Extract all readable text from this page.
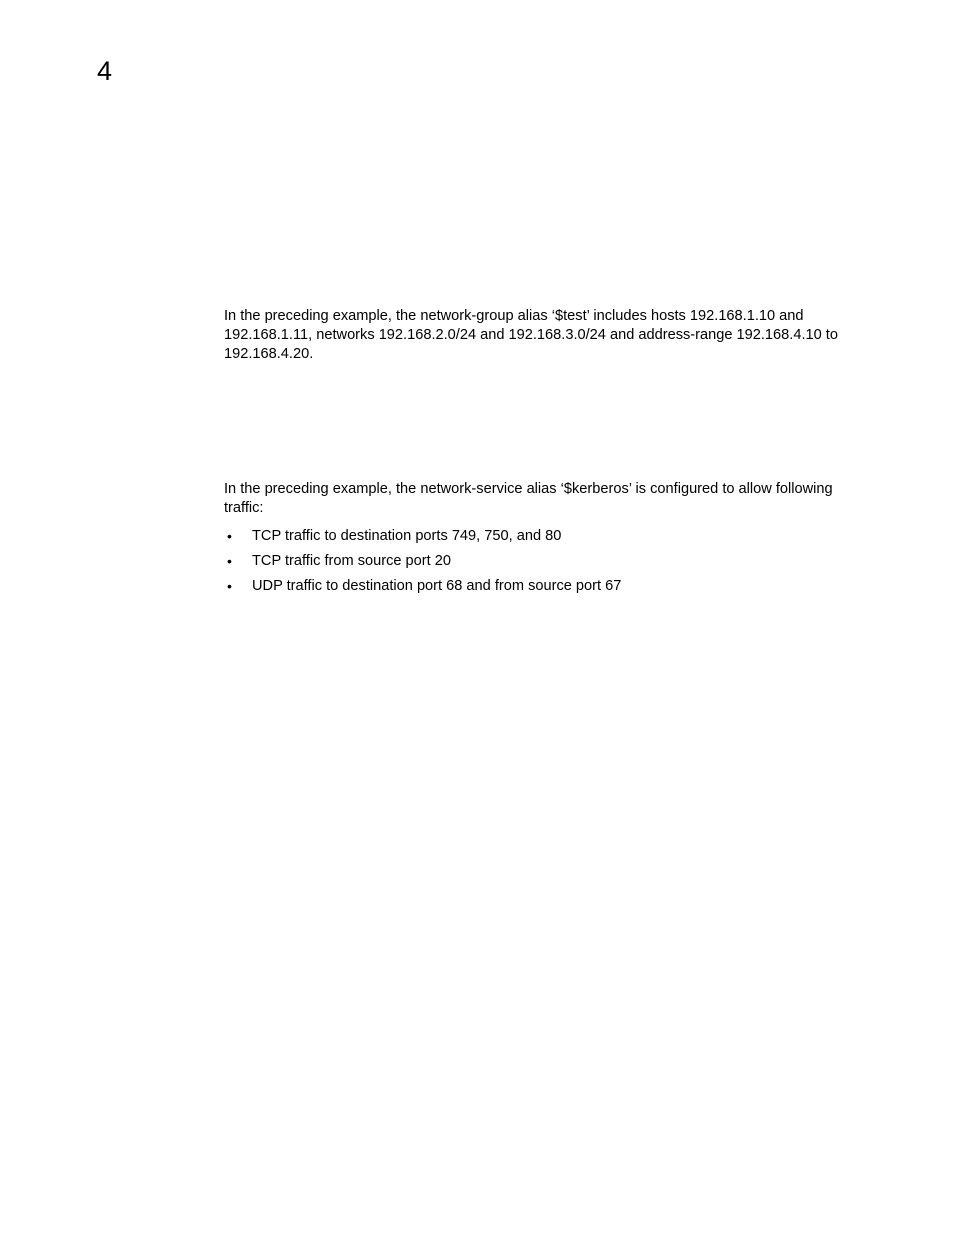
4

In the preceding example, the network-group alias ‘$test’ includes hosts 192.168.1.10 and 192.168.1.11, networks 192.168.2.0/24 and 192.168.3.0/24 and address-range 192.168.4.10 to 192.168.4.20.

In the preceding example, the network-service alias ‘$kerberos’ is configured to allow following traffic:

• TCP traffic to destination ports 749, 750, and 80
• TCP traffic from source port 20
• UDP traffic to destination port 68 and from source port 67
